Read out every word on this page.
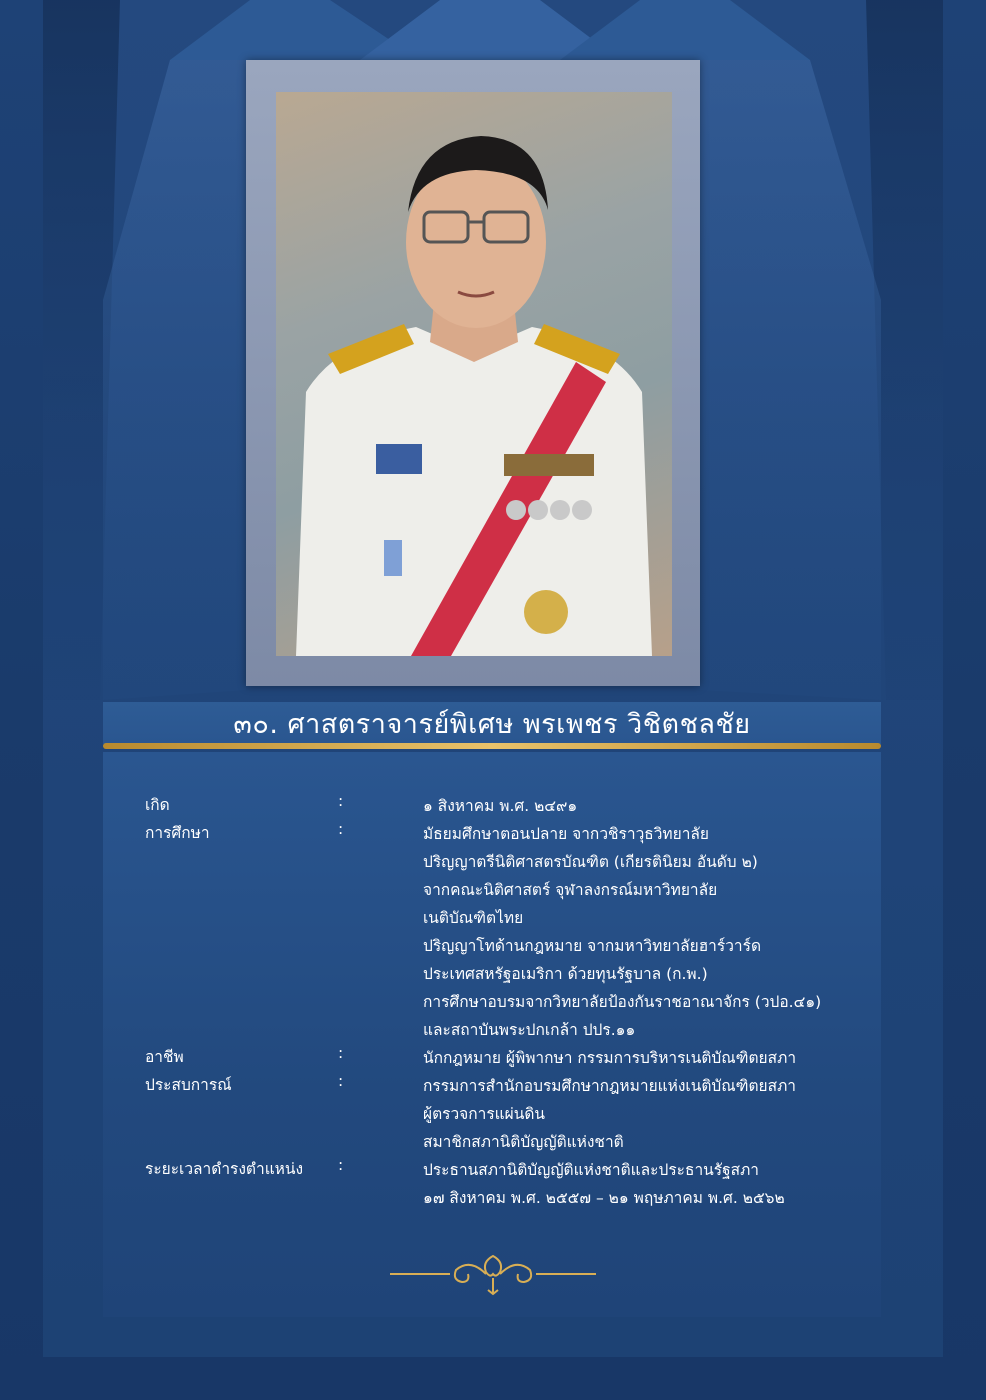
๓๐. ศาสตราจารย์พิเศษ พรเพชร วิชิตชลชัย
เกิด	:	๑ สิงหาคม พ.ศ. ๒๔๙๑
การศึกษา	:	มัธยมศึกษาตอนปลาย จากวชิราวุธวิทยาลัย
ปริญญาตรีนิติศาสตรบัณฑิต (เกียรตินิยม อันดับ ๒)
จากคณะนิติศาสตร์ จุฬาลงกรณ์มหาวิทยาลัย
เนติบัณฑิตไทย
ปริญญาโทด้านกฎหมาย จากมหาวิทยาลัยฮาร์วาร์ด
ประเทศสหรัฐอเมริกา ด้วยทุนรัฐบาล (ก.พ.)
การศึกษาอบรมจากวิทยาลัยป้องกันราชอาณาจักร (วปอ.๔๑)
และสถาบันพระปกเกล้า ปปร.๑๑
อาชีพ	:	นักกฎหมาย ผู้พิพากษา กรรมการบริหารเนติบัณฑิตยสภา
ประสบการณ์	:	กรรมการสำนักอบรมศึกษากฎหมายแห่งเนติบัณฑิตยสภา
ผู้ตรวจการแผ่นดิน
สมาชิกสภานิติบัญญัติแห่งชาติ
ระยะเวลาดำรงตำแหน่ง	:	ประธานสภานิติบัญญัติแห่งชาติและประธานรัฐสภา
๑๗ สิงหาคม พ.ศ. ๒๕๕๗ – ๒๑ พฤษภาคม พ.ศ. ๒๕๖๒
